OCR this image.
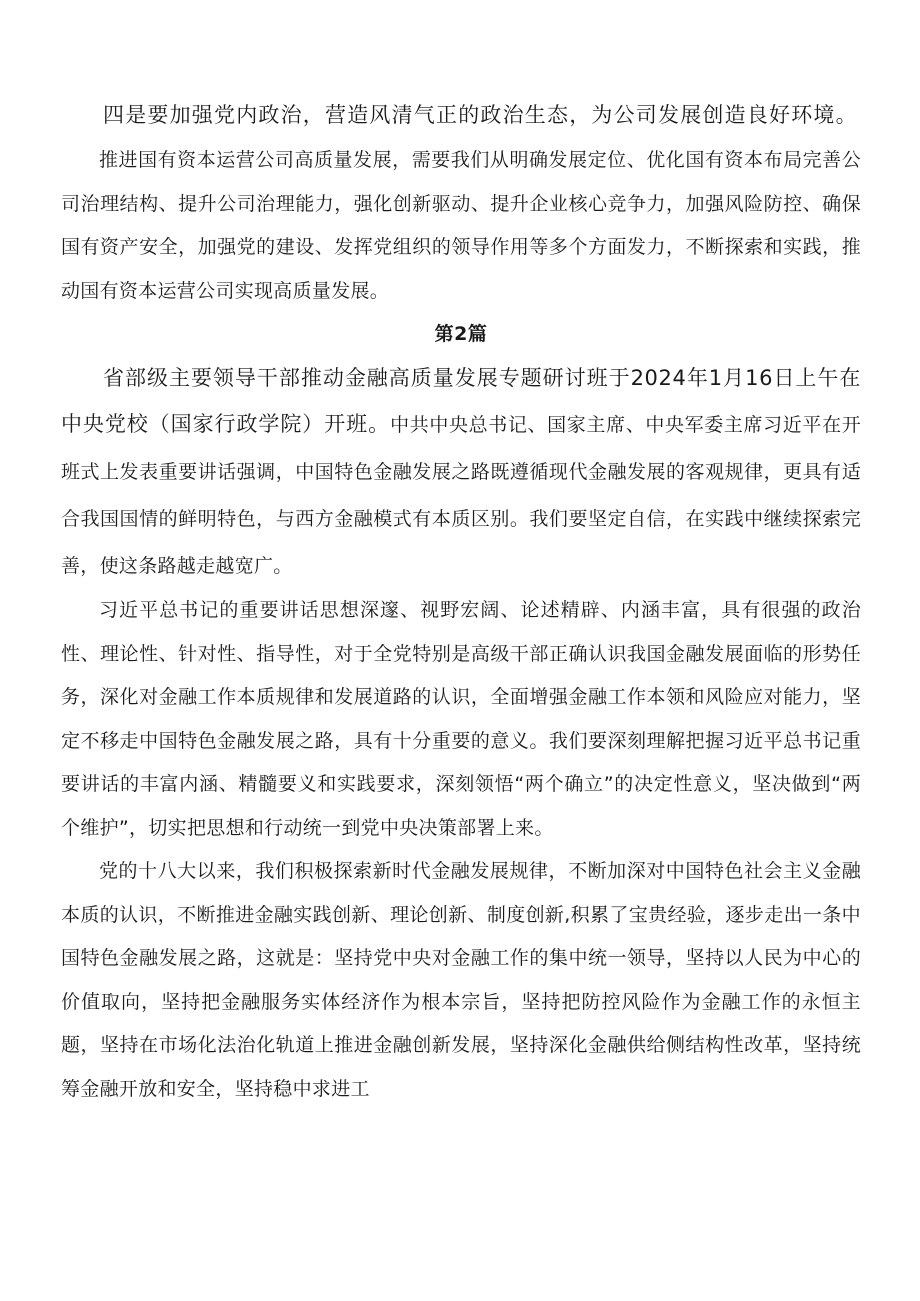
四是要加强党内政治，营造风清气正的政治生态，为公司发展创造良好环境。

推进国有资本运营公司高质量发展，需要我们从明确发展定位、优化国有资本布局完善公司治理结构、提升公司治理能力，强化创新驱动、提升企业核心竞争力，加强风险防控、确保国有资产安全，加强党的建设、发挥党组织的领导作用等多个方面发力，不断探索和实践，推动国有资本运营公司实现高质量发展。

第2篇

省部级主要领导干部推动金融高质量发展专题研讨班于2024年1月16日上午在中央党校（国家行政学院）开班。中共中央总书记、国家主席、中央军委主席习近平在开班式上发表重要讲话强调，中国特色金融发展之路既遵循现代金融发展的客观规律，更具有适合我国国情的鲜明特色，与西方金融模式有本质区别。我们要坚定自信，在实践中继续探索完善，使这条路越走越宽广。

习近平总书记的重要讲话思想深邃、视野宏阔、论述精辟、内涵丰富，具有很强的政治性、理论性、针对性、指导性，对于全党特别是高级干部正确认识我国金融发展面临的形势任务，深化对金融工作本质规律和发展道路的认识，全面增强金融工作本领和风险应对能力，坚定不移走中国特色金融发展之路，具有十分重要的意义。我们要深刻理解把握习近平总书记重要讲话的丰富内涵、精髓要义和实践要求，深刻领悟“两个确立”的决定性意义，坚决做到“两个维护”，切实把思想和行动统一到党中央决策部署上来。

党的十八大以来，我们积极探索新时代金融发展规律，不断加深对中国特色社会主义金融本质的认识，不断推进金融实践创新、理论创新、制度创新,积累了宝贵经验，逐步走出一条中国特色金融发展之路，这就是：坚持党中央对金融工作的集中统一领导，坚持以人民为中心的价值取向，坚持把金融服务实体经济作为根本宗旨，坚持把防控风险作为金融工作的永恒主题，坚持在市场化法治化轨道上推进金融创新发展，坚持深化金融供给侧结构性改革，坚持统筹金融开放和安全，坚持稳中求进工
